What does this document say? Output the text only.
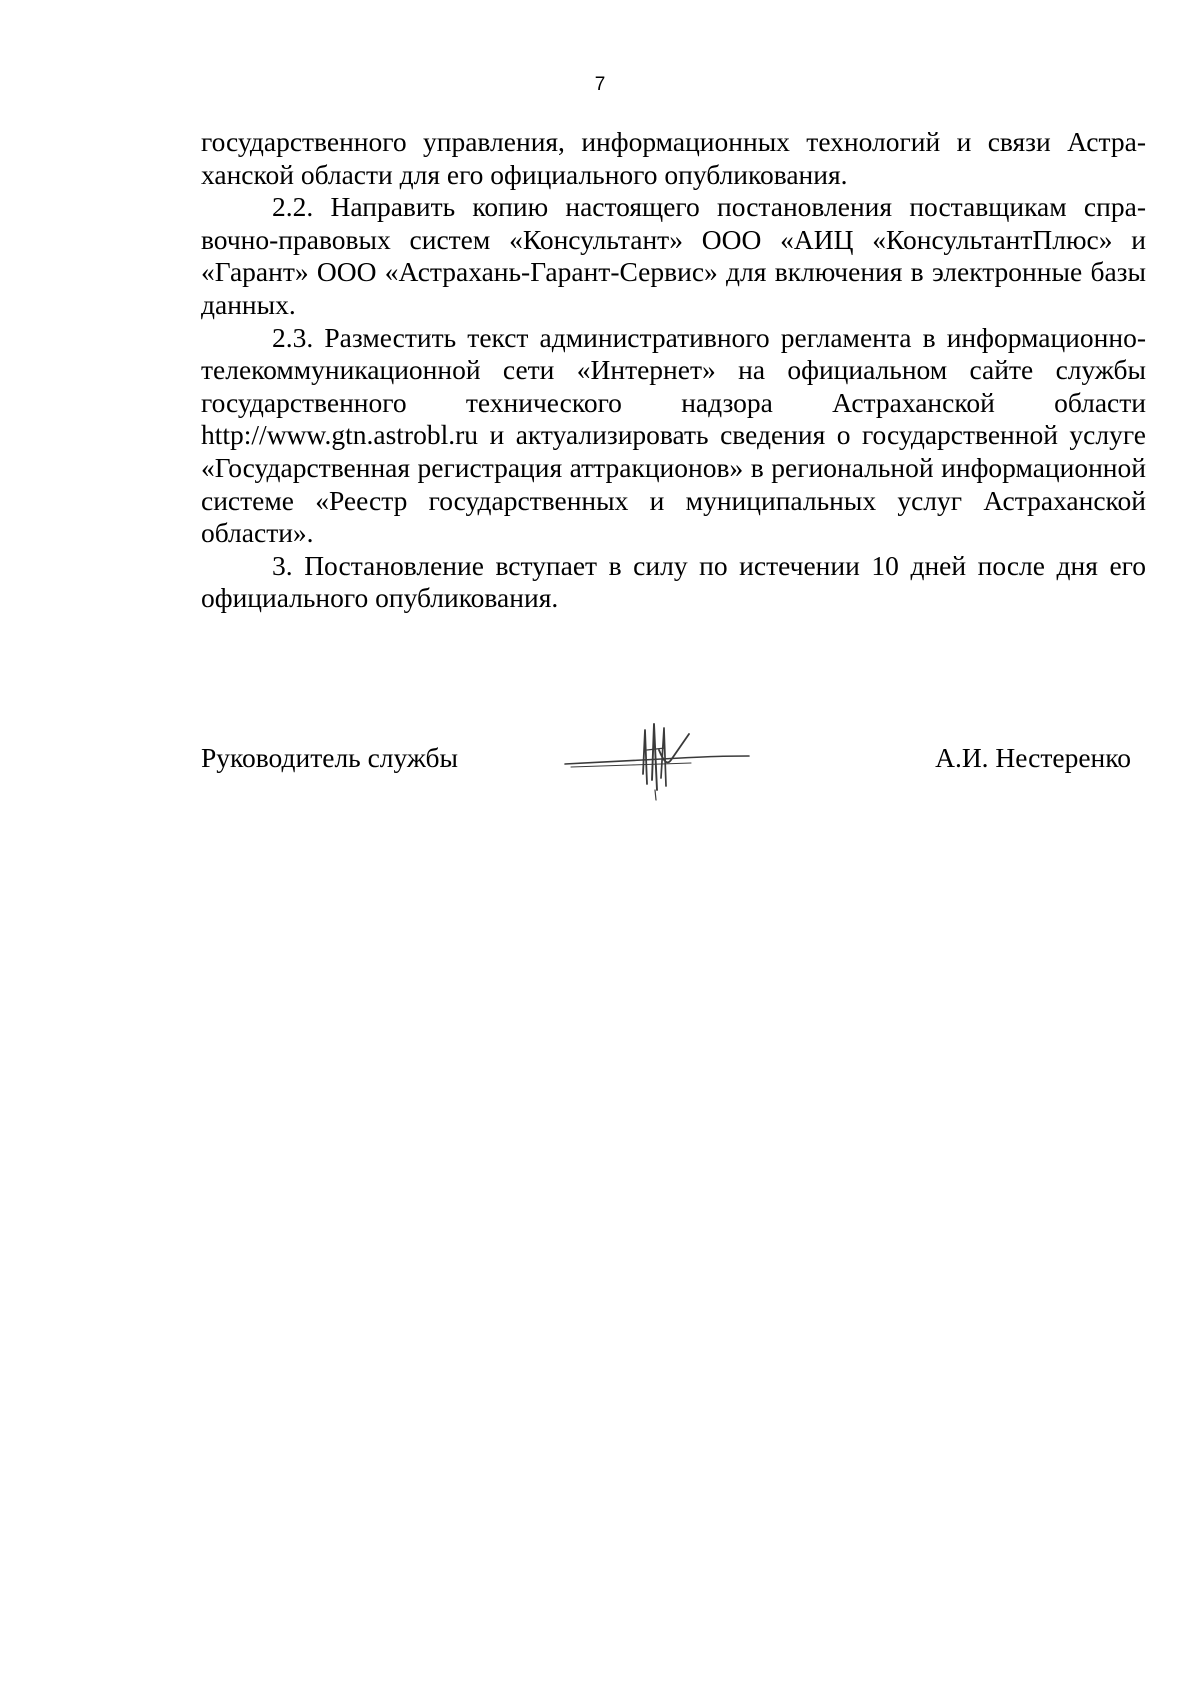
7

государственного управления, информационных технологий и связи Астраханской области для его официального опубликования.

2.2. Направить копию настоящего постановления поставщикам справочно-правовых систем «Консультант» ООО «АИЦ «КонсультантПлюс» и «Гарант» ООО «Астрахань-Гарант-Сервис» для включения в электронные базы данных.

2.3. Разместить текст административного регламента в информационно-телекоммуникационной сети «Интернет» на официальном сайте службы государственного технического надзора Астраханской области http://www.gtn.astrobl.ru и актуализировать сведения о государственной услуге «Государственная регистрация аттракционов» в региональной информационной системе «Реестр государственных и муниципальных услуг Астраханской области».

3. Постановление вступает в силу по истечении 10 дней после дня его официального опубликования.

Руководитель службы	А.И. Нестеренко
